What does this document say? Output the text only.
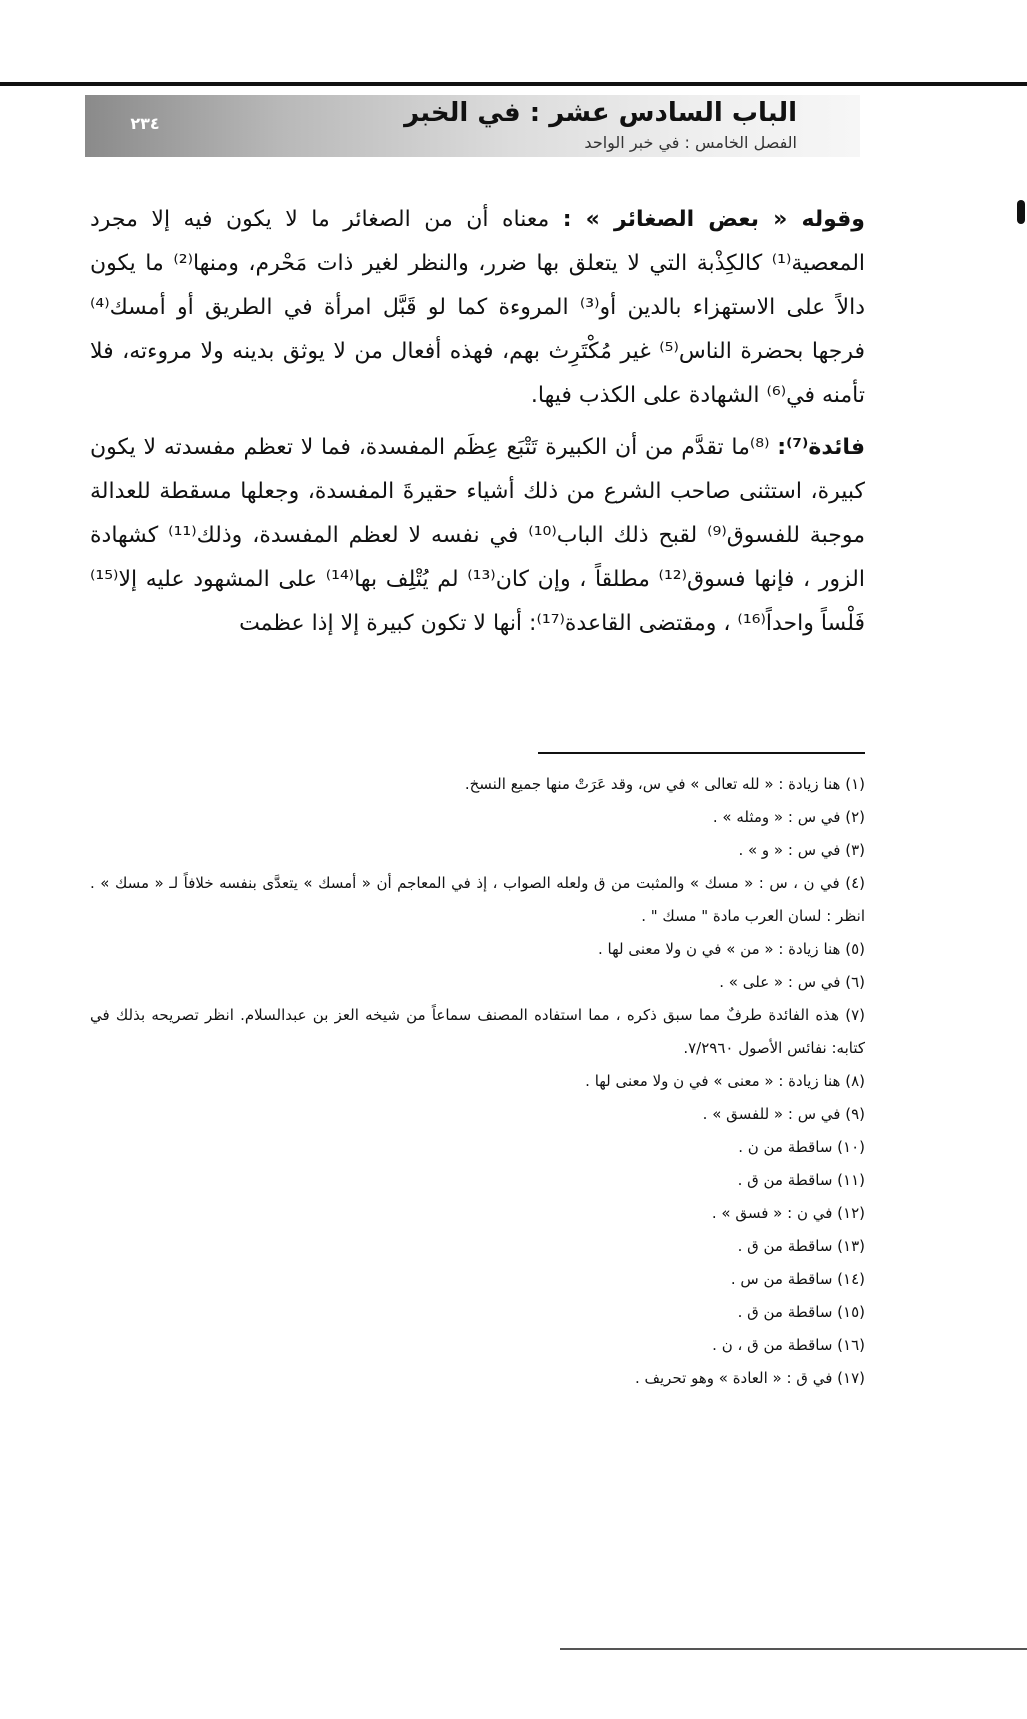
٢٣٤	الباب السادس عشر : في الخبر
الفصل الخامس : في خبر الواحد

وقوله « بعض الصغائر » : معناه أن من الصغائر ما لا يكون فيه إلا مجرد المعصية⁽¹⁾ كالكِذْبة التي لا يتعلق بها ضرر، والنظر لغير ذات مَحْرم، ومنها⁽²⁾ ما يكون دالاً على الاستهزاء بالدين أو⁽³⁾ المروءة كما لو قَبَّل امرأة في الطريق أو أمسك⁽⁴⁾ فرجها بحضرة الناس⁽⁵⁾ غير مُكْتَرِث بهم، فهذه أفعال من لا يوثق بدينه ولا مروءته، فلا تأمنه في⁽⁶⁾ الشهادة على الكذب فيها.

فائدة⁽⁷⁾: ⁽⁸⁾ما تقدَّم من أن الكبيرة تَتْبَع عِظَم المفسدة، فما لا تعظم مفسدته لا يكون كبيرة، استثنى صاحب الشرع من ذلك أشياء حقيرةَ المفسدة، وجعلها مسقطة للعدالة موجبة للفسوق⁽⁹⁾ لقبح ذلك الباب⁽¹⁰⁾ في نفسه لا لعظم المفسدة، وذلك⁽¹¹⁾ كشهادة الزور ، فإنها فسوق⁽¹²⁾ مطلقاً ، وإن كان⁽¹³⁾ لم يُتْلِف بها⁽¹⁴⁾ على المشهود عليه إلا⁽¹⁵⁾ فَلْساً واحداً⁽¹⁶⁾ ، ومقتضى القاعدة⁽¹⁷⁾: أنها لا تكون كبيرة إلا إذا عظمت

(١) هنا زيادة : « لله تعالى » في س، وقد عَرَتْ منها جميع النسخ.

(٢) في س : « ومثله » .

(٣) في س : « و » .

(٤) في ن ، س : « مسك » والمثبت من ق ولعله الصواب ، إذ في المعاجم أن « أمسك » يتعدَّى بنفسه خلافاً لـ « مسك » . انظر : لسان العرب مادة " مسك " .

(٥) هنا زيادة : « من » في ن ولا معنى لها .

(٦) في س : « على » .

(٧) هذه الفائدة طرفٌ مما سبق ذكره ، مما استفاده المصنف سماعاً من شيخه العز بن عبدالسلام. انظر تصريحه بذلك في كتابه: نفائس الأصول ٧/٢٩٦٠.

(٨) هنا زيادة : « معنى » في ن ولا معنى لها .

(٩) في س : « للفسق » .

(١٠) ساقطة من ن .

(١١) ساقطة من ق .

(١٢) في ن : « فسق » .

(١٣) ساقطة من ق .

(١٤) ساقطة من س .

(١٥) ساقطة من ق .

(١٦) ساقطة من ق ، ن .

(١٧) في ق : « العادة » وهو تحريف .
